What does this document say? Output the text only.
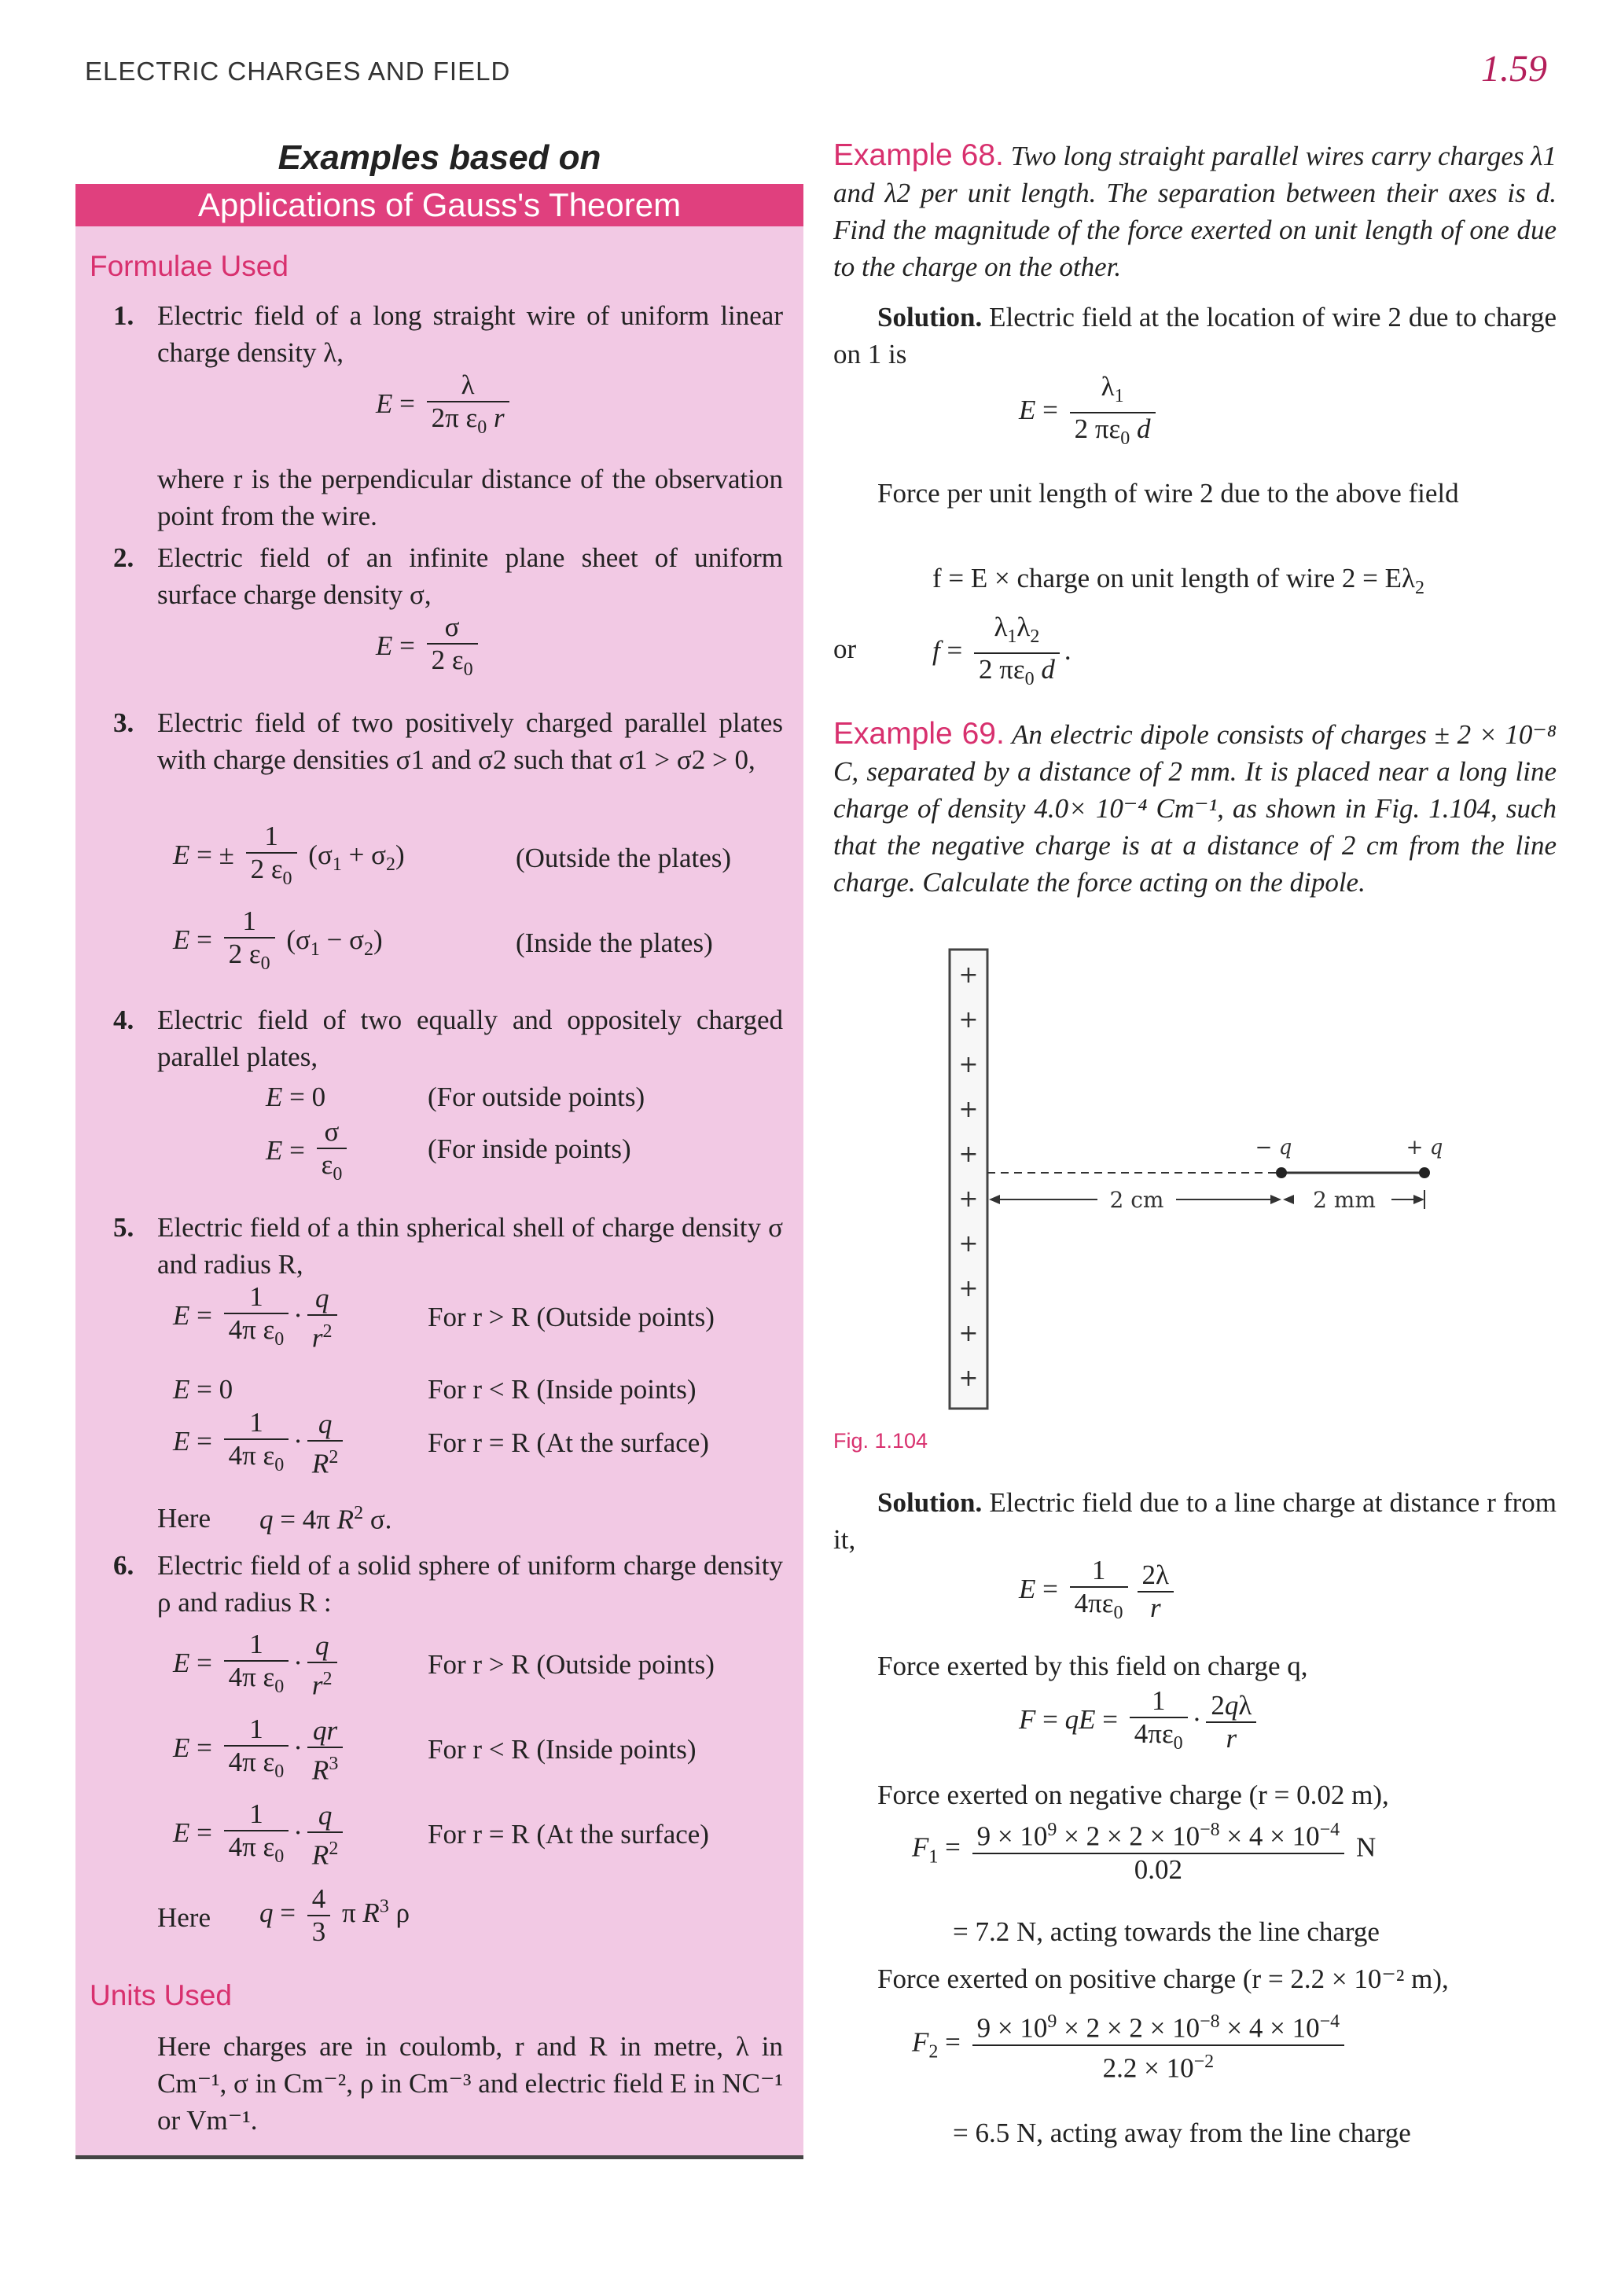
ELECTRIC CHARGES AND FIELD	1.59
Examples based on
Applications of Gauss's Theorem
Formulae Used
1. Electric field of a long straight wire of uniform linear charge density λ,
$E = \frac{\lambda}{2\pi \varepsilon_0 r}$
where r is the perpendicular distance of the observation point from the wire.
2. Electric field of an infinite plane sheet of uniform surface charge density σ,
$E = \frac{\sigma}{2 \varepsilon_0}$
3. Electric field of two positively charged parallel plates with charge densities σ1 and σ2 such that σ1 > σ2 > 0,
E = ± $\frac{1}{2 \varepsilon_0} (\sigma_1 + \sigma_2)$	(Outside the plates)
$E = \frac{1}{2 \varepsilon_0} (\sigma_1 - \sigma_2)$	(Inside the plates)
4. Electric field of two equally and oppositely charged parallel plates,
E = 0	(For outside points)
$E = \frac{\sigma}{\varepsilon_0}$	(For inside points)
5. Electric field of a thin spherical shell of charge density σ and radius R,
$E = \frac{1}{4\pi \varepsilon_0} \cdot \frac{q}{r^2}$	For r > R (Outside points)
E = 0	For r < R (Inside points)
$E = \frac{1}{4\pi \varepsilon_0} \cdot \frac{q}{R^2}$	For r = R (At the surface)
Here q = 4π $R^2$ σ.
6. Electric field of a solid sphere of uniform charge density ρ and radius R :
$E = \frac{1}{4\pi \varepsilon_0} \cdot \frac{q}{r^2}$	For r > R (Outside points)
$E = \frac{1}{4\pi \varepsilon_0} \cdot \frac{qr}{R^3}$	For r < R (Inside points)
$E = \frac{1}{4\pi \varepsilon_0} \cdot \frac{q}{R^2}$	For r = R (At the surface)
Here $q = \frac{4}{3}$ π $R^3$ ρ
Units Used
Here charges are in coulomb, r and R in metre, λ in Cm⁻¹, σ in Cm⁻², ρ in Cm⁻³ and electric field E in NC⁻¹ or Vm⁻¹.
Example 68. Two long straight parallel wires carry charges λ1 and λ2 per unit length. The separation between their axes is d. Find the magnitude of the force exerted on unit length of one due to the charge on the other.
Solution. Electric field at the location of wire 2 due to charge on 1 is
$E = \frac{\lambda_1}{2 \pi\varepsilon_0 d}$
Force per unit length of wire 2 due to the above field
f = E × charge on unit length of wire $2 = E\lambda_2$
or	$f = \frac{\lambda_1\lambda_2}{2 \pi\varepsilon_0 d}$ .
Example 69. An electric dipole consists of charges ± 2 × 10⁻⁸ C, separated by a distance of 2 mm. It is placed near a long line charge of density 4.0× 10⁻⁴ Cm⁻¹, as shown in Fig. 1.104, such that the negative charge is at a distance of 2 cm from the line charge. Calculate the force acting on the dipole.
+
+
+
+
+
+
+
+
+
+
− q	+ q
2 cm	2 mm
Fig. 1.104
Solution. Electric field due to a line charge at distance r from it,
$E = \frac{1}{4\pi\varepsilon_0} \frac{2\lambda}{r}$
Force exerted by this field on charge q,
F = qE = $\frac{1}{4\pi\varepsilon_0} \cdot \frac{2q\lambda}{r}$
Force exerted on negative charge (r = 0.02 m),
$F_1 = \frac{9 \times 10^9 \times 2 \times 2 \times 10^{-8} \times 4 \times 10^{-4}}{0.02}$ N
= 7.2 N, acting towards the line charge
Force exerted on positive charge (r = 2.2 × 10⁻² m),
$F_2 = \frac{9 \times 10^9 \times 2 \times 2 \times 10^{-8} \times 4 \times 10^{-4}}{2.2 \times 10^{-2}}$
= 6.5 N, acting away from the line charge
